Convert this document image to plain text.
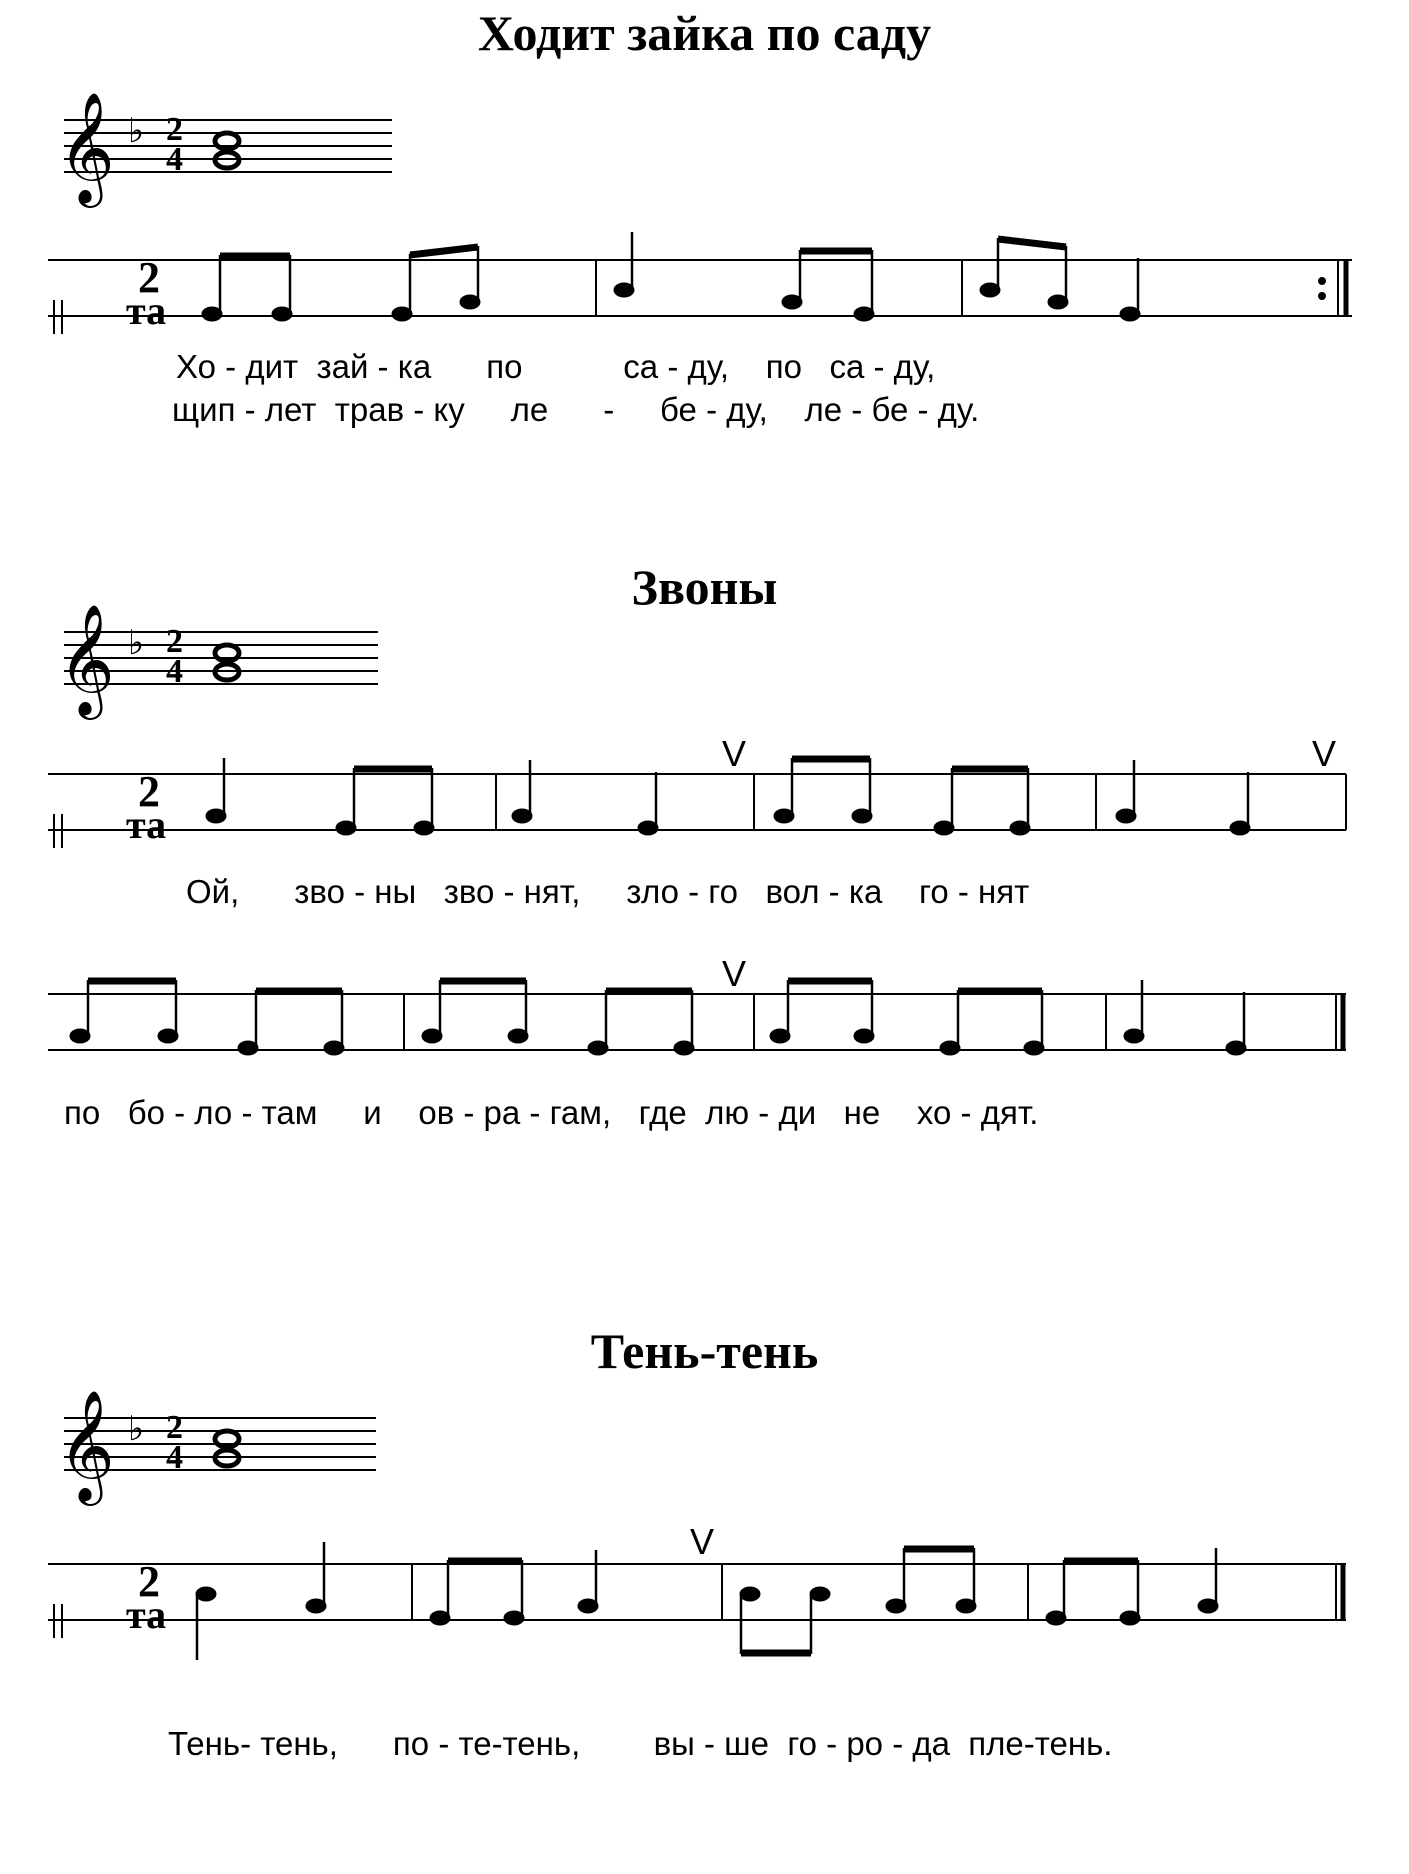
Ходит зайка по саду
Звоны
Тень-тень
Хо - дит  зай - ка      по           са - ду,    по   са - ду,
щип - лет  трав - ку     ле      -     бе - ду,    ле - бе - ду.
Ой,      зво - ны   зво - нят,     зло - го   вол - ка    го - нят
по   бо - ло - там     и    ов - ра - гам,   где  лю - ди   не    хо - дят.
Тень- тень,      по - те-тень,        вы - ше  го - ро - да  пле-тень.
𝄞 ♭ 2
4
2
та
𝄞 ♭ 2
4
2
та
V	V
V
𝄞 ♭ 2
4
2
та
V
